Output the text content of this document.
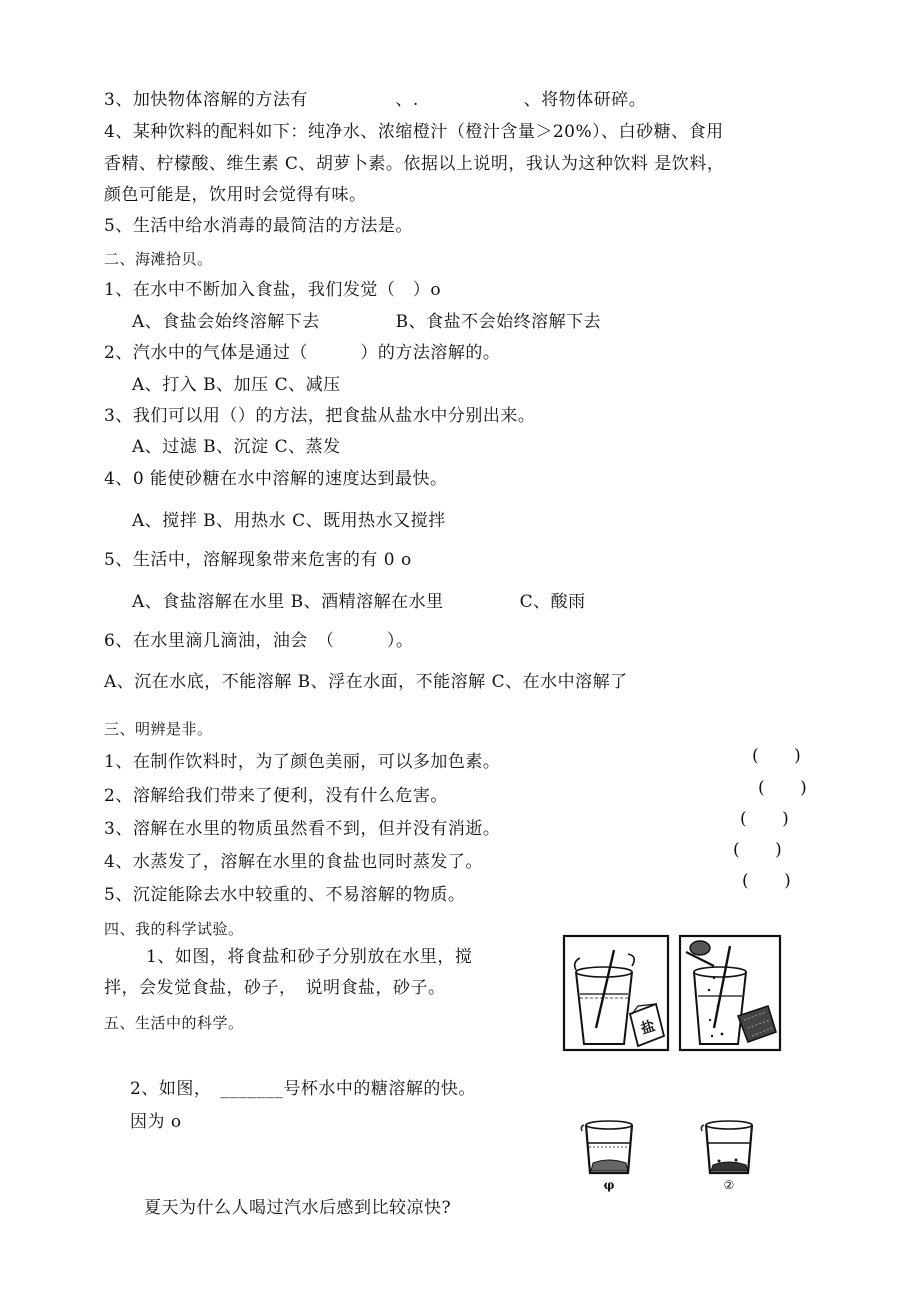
3、加快物体溶解的方法有　　　　　、.　　　　　　、将物体研碎。
4、某种饮料的配料如下：纯净水、浓缩橙汁（橙汁含量＞20%）、白砂糖、食用
香精、柠檬酸、维生素 C、胡萝卜素。依据以上说明，我认为这种饮料 是饮料，
颜色可能是，饮用时会觉得有味。
5、生活中给水消毒的最简洁的方法是。
二、海滩拾贝。
1、在水中不断加入食盐，我们发觉（　）o
A、食盐会始终溶解下去　　　　 B、食盐不会始终溶解下去
2、汽水中的气体是通过（　　　）的方法溶解的。
A、打入 B、加压 C、减压
3、我们可以用（）的方法，把食盐从盐水中分别出来。
A、过滤 B、沉淀 C、蒸发
4、0 能使砂糖在水中溶解的速度达到最快。
A、搅拌 B、用热水 C、既用热水又搅拌
5、生活中，溶解现象带来危害的有 0 o
A、食盐溶解在水里 B、酒精溶解在水里　　　　 C、酸雨
6、在水里滴几滴油，油会　（　　　）。
A、沉在水底，不能溶解 B、浮在水面，不能溶解 C、在水中溶解了
三、明辨是非。
1、在制作饮料时，为了颜色美丽，可以多加色素。
2、溶解给我们带来了便利，没有什么危害。
3、溶解在水里的物质虽然看不到，但并没有消逝。
4、水蒸发了，溶解在水里的食盐也同时蒸发了。
5、沉淀能除去水中较重的、不易溶解的物质。
(　　)
(　　)
(　　)
(　　)
(　　)
四、我的科学试验。
1、如图，将食盐和砂子分别放在水里，搅
拌，会发觉食盐，砂子，　说明食盐，砂子。
五、生活中的科学。
2、如图，　_______号杯水中的糖溶解的快。
因为 o
夏天为什么人喝过汽水后感到比较凉快?
盐
φ	②
